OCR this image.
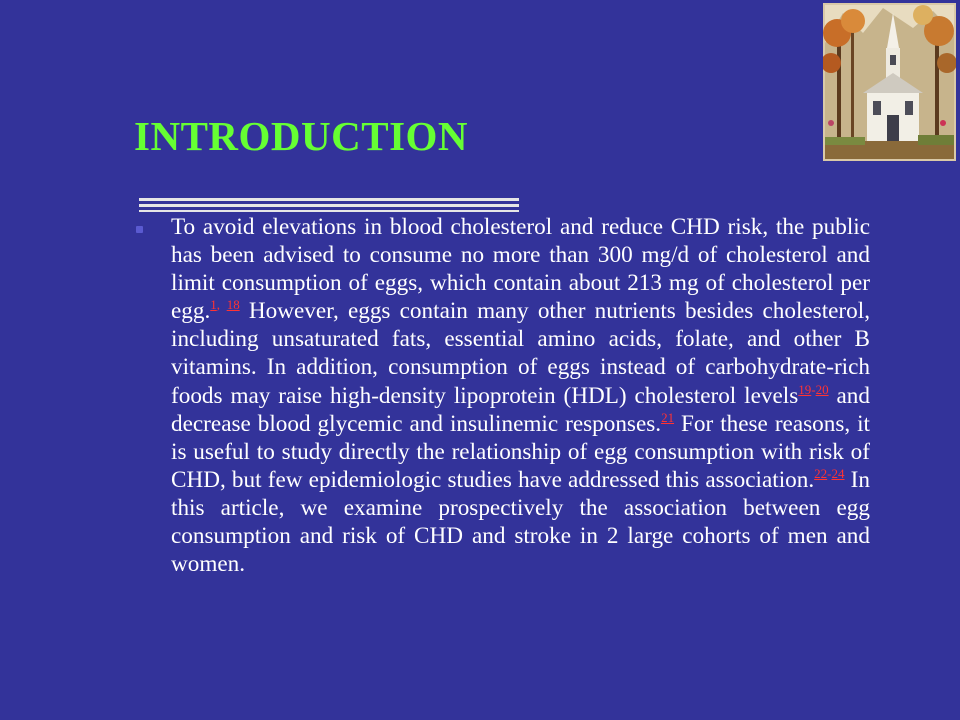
INTRODUCTION

To avoid elevations in blood cholesterol and reduce CHD risk, the public has been advised to consume no more than 300 mg/d of cholesterol and limit consumption of eggs, which contain about 213 mg of cholesterol per egg.$^{1, 18}$ However, eggs contain many other nutrients besides cholesterol, including unsaturated fats, essential amino acids, folate, and other B vitamins. In addition, consumption of eggs instead of carbohydrate-rich foods may raise high-density lipoprotein (HDL) cholesterol levels$^{19-20}$ and decrease blood glycemic and insulinemic responses.$^{21}$ For these reasons, it is useful to study directly the relationship of egg consumption with risk of CHD, but few epidemiologic studies have addressed this association.$^{22-24}$ In this article, we examine prospectively the association between egg consumption and risk of CHD and stroke in 2 large cohorts of men and women.
